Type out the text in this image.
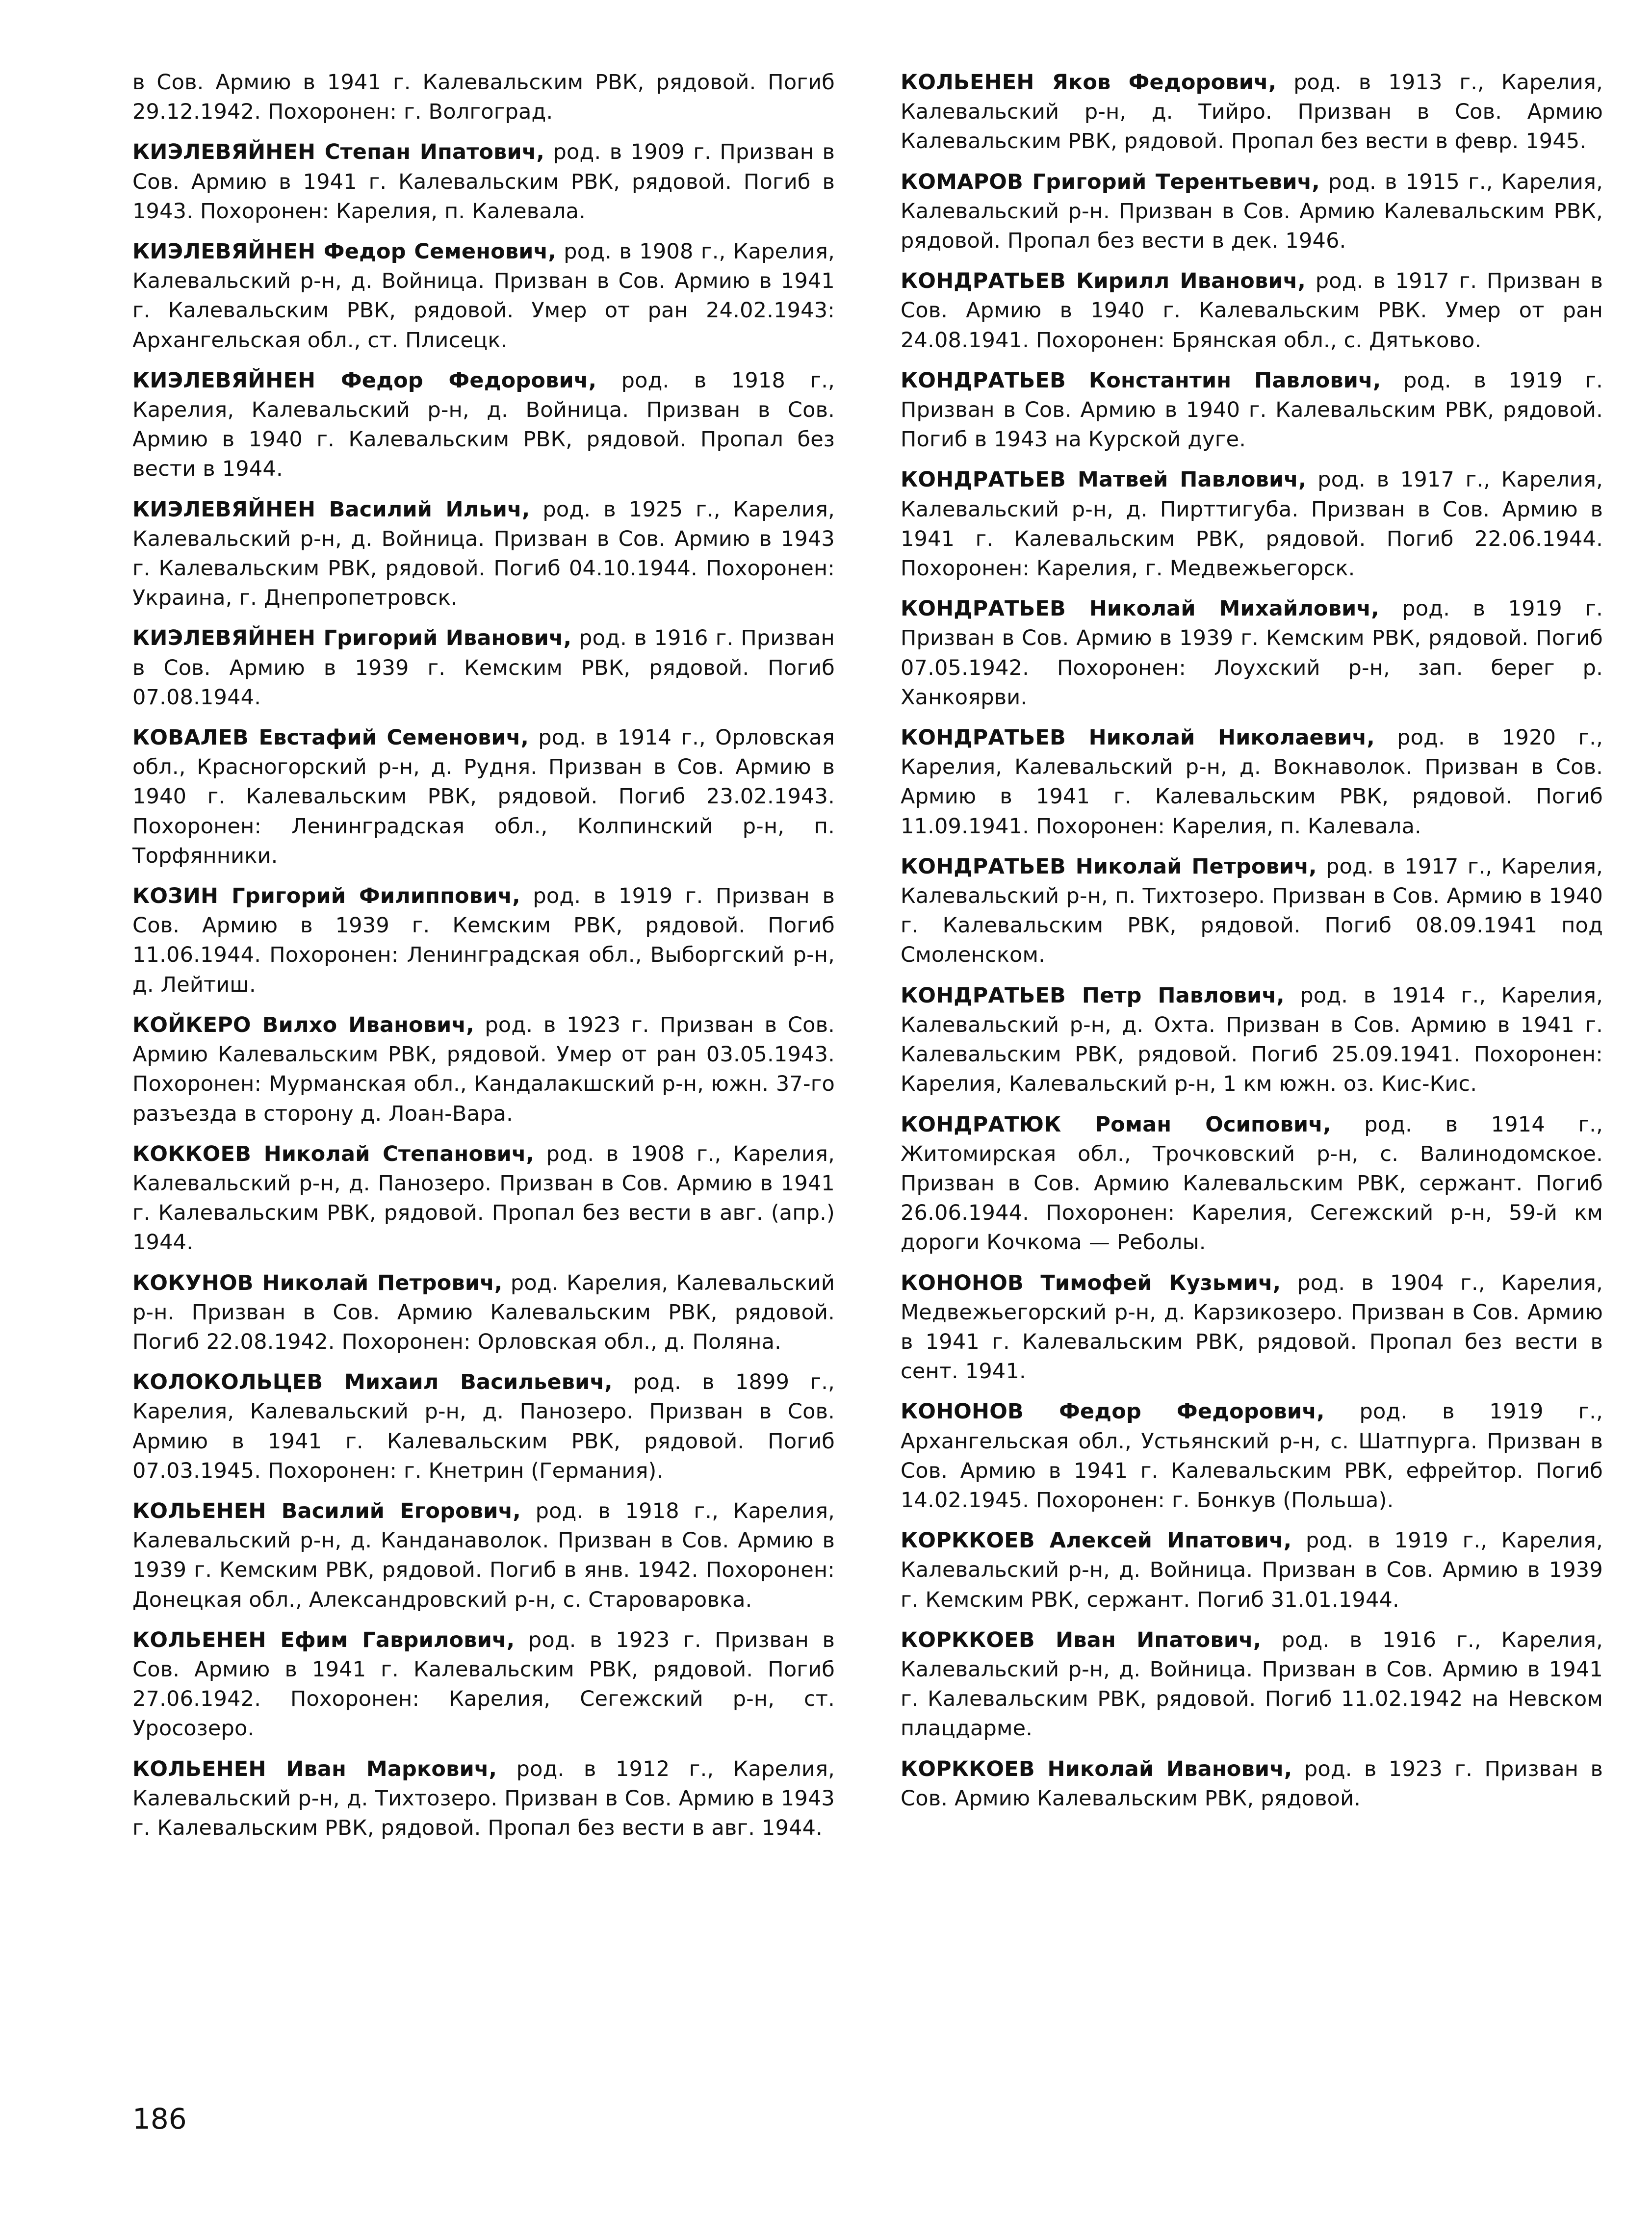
в Сов. Армию в 1941 г. Калевальским РВК, рядовой. Погиб 29.12.1942. Похоронен: г. Волгоград.

КИЭЛЕВЯЙНЕН Степан Ипатович, род. в 1909 г. Призван в Сов. Армию в 1941 г. Калевальским РВК, рядовой. Погиб в 1943. Похоронен: Карелия, п. Калевала.

КИЭЛЕВЯЙНЕН Федор Семенович, род. в 1908 г., Карелия, Калевальский р-н, д. Войница. Призван в Сов. Армию в 1941 г. Калевальским РВК, рядовой. Умер от ран 24.02.1943: Архангельская обл., ст. Плисецк.

КИЭЛЕВЯЙНЕН Федор Федорович, род. в 1918 г., Карелия, Калевальский р-н, д. Войница. Призван в Сов. Армию в 1940 г. Калевальским РВК, рядовой. Пропал без вести в 1944.

КИЭЛЕВЯЙНЕН Василий Ильич, род. в 1925 г., Карелия, Калевальский р-н, д. Войница. Призван в Сов. Армию в 1943 г. Калевальским РВК, рядовой. Погиб 04.10.1944. Похоронен: Украина, г. Днепропетровск.

КИЭЛЕВЯЙНЕН Григорий Иванович, род. в 1916 г. Призван в Сов. Армию в 1939 г. Кемским РВК, рядовой. Погиб 07.08.1944.

КОВАЛЕВ Евстафий Семенович, род. в 1914 г., Орловская обл., Красногорский р-н, д. Рудня. Призван в Сов. Армию в 1940 г. Калевальским РВК, рядовой. Погиб 23.02.1943. Похоронен: Ленинградская обл., Колпинский р-н, п. Торфянники.

КОЗИН Григорий Филиппович, род. в 1919 г. Призван в Сов. Армию в 1939 г. Кемским РВК, рядовой. Погиб 11.06.1944. Похоронен: Ленинградская обл., Выборгский р-н, д. Лейтиш.

КОЙКЕРО Вилхо Иванович, род. в 1923 г. Призван в Сов. Армию Калевальским РВК, рядовой. Умер от ран 03.05.1943. Похоронен: Мурманская обл., Кандалакшский р-н, южн. 37-го разъезда в сторону д. Лоан-Вара.

КОККОЕВ Николай Степанович, род. в 1908 г., Карелия, Калевальский р-н, д. Панозеро. Призван в Сов. Армию в 1941 г. Калевальским РВК, рядовой. Пропал без вести в авг. (апр.) 1944.

КОКУНОВ Николай Петрович, род. Карелия, Калевальский р-н. Призван в Сов. Армию Калевальским РВК, рядовой. Погиб 22.08.1942. Похоронен: Орловская обл., д. Поляна.

КОЛОКОЛЬЦЕВ Михаил Васильевич, род. в 1899 г., Карелия, Калевальский р-н, д. Панозеро. Призван в Сов. Армию в 1941 г. Калевальским РВК, рядовой. Погиб 07.03.1945. Похоронен: г. Кнетрин (Германия).

КОЛЬЕНЕН Василий Егорович, род. в 1918 г., Карелия, Калевальский р-н, д. Канданаволок. Призван в Сов. Армию в 1939 г. Кемским РВК, рядовой. Погиб в янв. 1942. Похоронен: Донецкая обл., Александровский р-н, с. Староваровка.

КОЛЬЕНЕН Ефим Гаврилович, род. в 1923 г. Призван в Сов. Армию в 1941 г. Калевальским РВК, рядовой. Погиб 27.06.1942. Похоронен: Карелия, Сегежский р-н, ст. Уросозеро.

КОЛЬЕНЕН Иван Маркович, род. в 1912 г., Карелия, Калевальский р-н, д. Тихтозеро. Призван в Сов. Армию в 1943 г. Калевальским РВК, рядовой. Пропал без вести в авг. 1944.

КОЛЬЕНЕН Яков Федорович, род. в 1913 г., Карелия, Калевальский р-н, д. Тийро. Призван в Сов. Армию Калевальским РВК, рядовой. Пропал без вести в февр. 1945.

КОМАРОВ Григорий Терентьевич, род. в 1915 г., Карелия, Калевальский р-н. Призван в Сов. Армию Калевальским РВК, рядовой. Пропал без вести в дек. 1946.

КОНДРАТЬЕВ Кирилл Иванович, род. в 1917 г. Призван в Сов. Армию в 1940 г. Калевальским РВК. Умер от ран 24.08.1941. Похоронен: Брянская обл., с. Дятьково.

КОНДРАТЬЕВ Константин Павлович, род. в 1919 г. Призван в Сов. Армию в 1940 г. Калевальским РВК, рядовой. Погиб в 1943 на Курской дуге.

КОНДРАТЬЕВ Матвей Павлович, род. в 1917 г., Карелия, Калевальский р-н, д. Пирттигуба. Призван в Сов. Армию в 1941 г. Калевальским РВК, рядовой. Погиб 22.06.1944. Похоронен: Карелия, г. Медвежьегорск.

КОНДРАТЬЕВ Николай Михайлович, род. в 1919 г. Призван в Сов. Армию в 1939 г. Кемским РВК, рядовой. Погиб 07.05.1942. Похоронен: Лоухский р-н, зап. берег р. Ханкоярви.

КОНДРАТЬЕВ Николай Николаевич, род. в 1920 г., Карелия, Калевальский р-н, д. Вокнаволок. Призван в Сов. Армию в 1941 г. Калевальским РВК, рядовой. Погиб 11.09.1941. Похоронен: Карелия, п. Калевала.

КОНДРАТЬЕВ Николай Петрович, род. в 1917 г., Карелия, Калевальский р-н, п. Тихтозеро. Призван в Сов. Армию в 1940 г. Калевальским РВК, рядовой. Погиб 08.09.1941 под Смоленском.

КОНДРАТЬЕВ Петр Павлович, род. в 1914 г., Карелия, Калевальский р-н, д. Охта. Призван в Сов. Армию в 1941 г. Калевальским РВК, рядовой. Погиб 25.09.1941. Похоронен: Карелия, Калевальский р-н, 1 км южн. оз. Кис-Кис.

КОНДРАТЮК Роман Осипович, род. в 1914 г., Житомирская обл., Трочковский р-н, с. Валинодомское. Призван в Сов. Армию Калевальским РВК, сержант. Погиб 26.06.1944. Похоронен: Карелия, Сегежский р-н, 59-й км дороги Кочкома — Реболы.

КОНОНОВ Тимофей Кузьмич, род. в 1904 г., Карелия, Медвежьегорский р-н, д. Карзикозеро. Призван в Сов. Армию в 1941 г. Калевальским РВК, рядовой. Пропал без вести в сент. 1941.

КОНОНОВ Федор Федорович, род. в 1919 г., Архангельская обл., Устьянский р-н, с. Шатпурга. Призван в Сов. Армию в 1941 г. Калевальским РВК, ефрейтор. Погиб 14.02.1945. Похоронен: г. Бонкув (Польша).

КОРККОЕВ Алексей Ипатович, род. в 1919 г., Карелия, Калевальский р-н, д. Войница. Призван в Сов. Армию в 1939 г. Кемским РВК, сержант. Погиб 31.01.1944.

КОРККОЕВ Иван Ипатович, род. в 1916 г., Карелия, Калевальский р-н, д. Войница. Призван в Сов. Армию в 1941 г. Калевальским РВК, рядовой. Погиб 11.02.1942 на Невском плацдарме.

КОРККОЕВ Николай Иванович, род. в 1923 г. Призван в Сов. Армию Калевальским РВК, рядовой.

186
